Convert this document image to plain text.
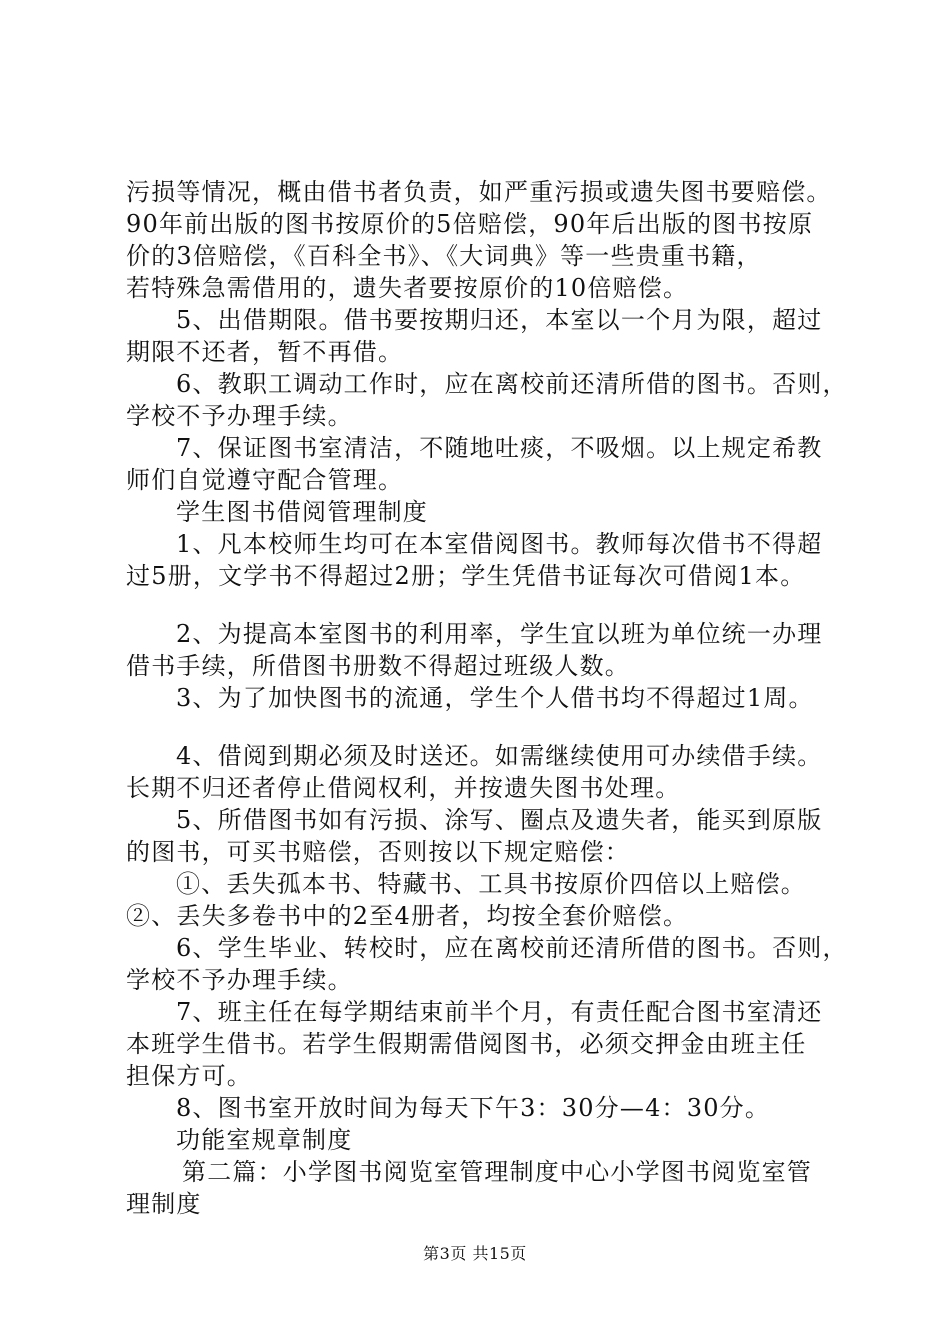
污损等情况，概由借书者负责，如严重污损或遗失图书要赔偿。
90年前出版的图书按原价的5倍赔偿，90年后出版的图书按原
价的3倍赔偿，《百科全书》、《大词典》等一些贵重书籍，
若特殊急需借用的，遗失者要按原价的10倍赔偿。
5、出借期限。借书要按期归还，本室以一个月为限，超过
期限不还者，暂不再借。
6、教职工调动工作时，应在离校前还清所借的图书。否则，
学校不予办理手续。
7、保证图书室清洁，不随地吐痰，不吸烟。以上规定希教
师们自觉遵守配合管理。
学生图书借阅管理制度
1、凡本校师生均可在本室借阅图书。教师每次借书不得超
过5册，文学书不得超过2册；学生凭借书证每次可借阅1本。
2、为提高本室图书的利用率，学生宜以班为单位统一办理
借书手续，所借图书册数不得超过班级人数。
3、为了加快图书的流通，学生个人借书均不得超过1周。
4、借阅到期必须及时送还。如需继续使用可办续借手续。
长期不归还者停止借阅权利，并按遗失图书处理。
5、所借图书如有污损、涂写、圈点及遗失者，能买到原版
的图书，可买书赔偿，否则按以下规定赔偿：
①、丢失孤本书、特藏书、工具书按原价四倍以上赔偿。
②、丢失多卷书中的2至4册者，均按全套价赔偿。
6、学生毕业、转校时，应在离校前还清所借的图书。否则，
学校不予办理手续。
7、班主任在每学期结束前半个月，有责任配合图书室清还
本班学生借书。若学生假期需借阅图书，必须交押金由班主任
担保方可。
8、图书室开放时间为每天下午3：30分—4：30分。
功能室规章制度
第二篇：小学图书阅览室管理制度中心小学图书阅览室管
理制度
第3页 共15页
